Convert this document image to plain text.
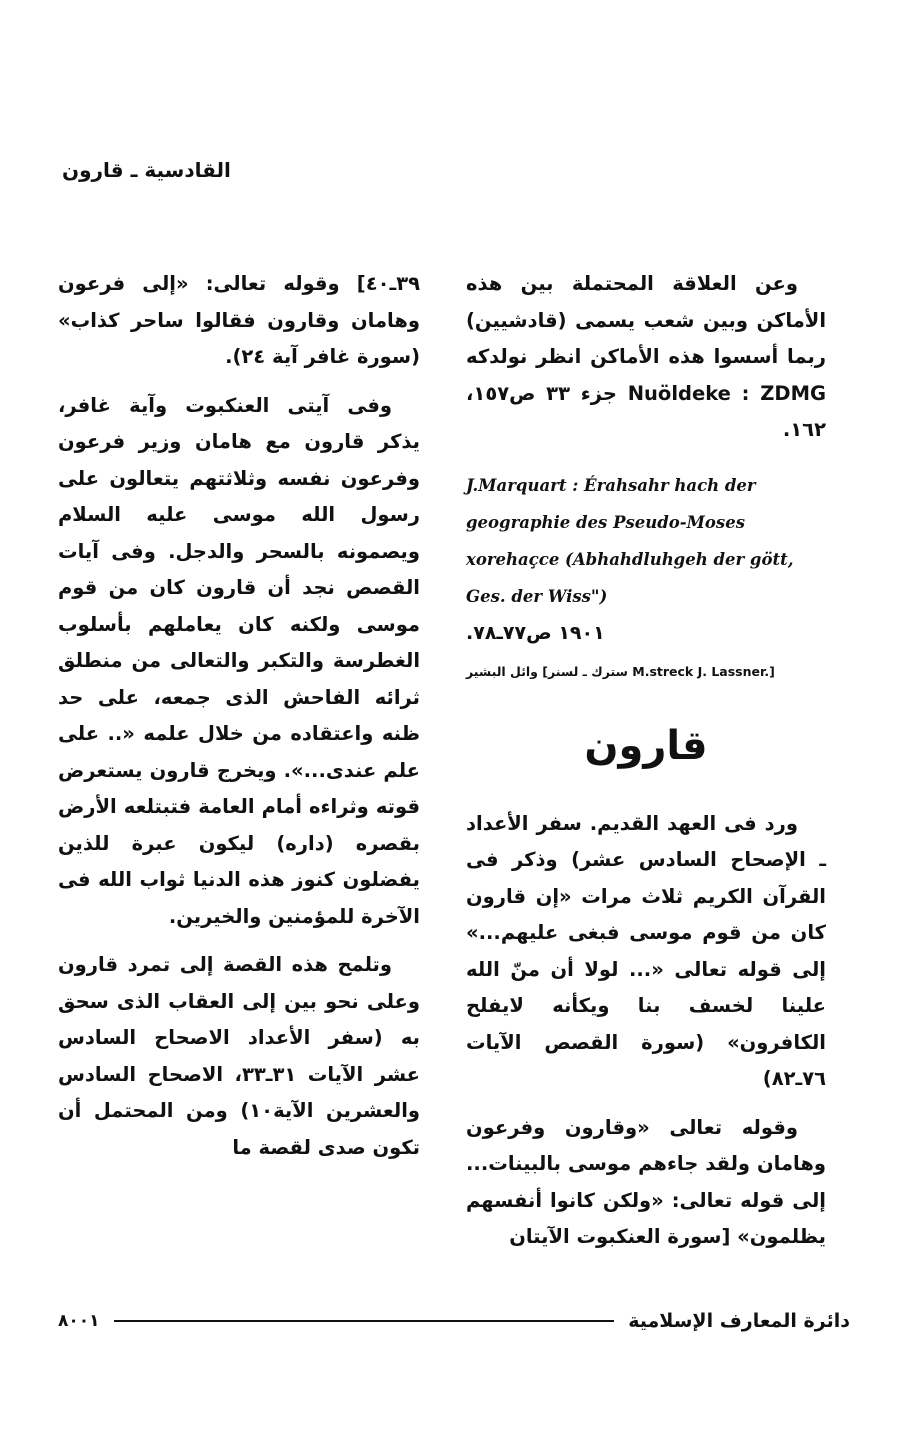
القادسية ـ قارون

وعن العلاقة المحتملة بين هذه الأماكن وبين شعب يسمى (قادشيين) ربما أسسوا هذه الأماكن انظر نولدكه Nuöldeke : ZDMG جزء ٣٣ ص١٥٧، ١٦٢.

J.Marquart : Érahsahr hach der geographie des Pseudo-Moses xorehaçce (Abhahdluhgeh der gött, Ges. der Wiss")
١٩٠١ ص٧٧ـ٧٨.
وائل البشير [سترك ـ لسنر M.streck J. Lassner.]
قارون

ورد فى العهد القديم. سفر الأعداد ـ الإصحاح السادس عشر) وذكر فى القرآن الكريم ثلاث مرات «إن قارون كان من قوم موسى فبغى عليهم...» إلى قوله تعالى «... لولا أن منّ الله علينا لخسف بنا ويكأنه لايفلح الكافرون» (سورة القصص الآيات ٧٦ـ٨٢)

وقوله تعالى «وقارون وفرعون وهامان ولقد جاءهم موسى بالبينات... إلى قوله تعالى: «ولكن كانوا أنفسهم يظلمون» [سورة العنكبوت الآيتان

٣٩ـ٤٠] وقوله تعالى: «إلى فرعون وهامان وقارون فقالوا ساحر كذاب» (سورة غافر آية ٢٤).

وفى آيتى العنكبوت وآية غافر، يذكر قارون مع هامان وزير فرعون وفرعون نفسه وثلاثتهم يتعالون على رسول الله موسى عليه السلام ويصمونه بالسحر والدجل. وفى آيات القصص نجد أن قارون كان من قوم موسى ولكنه كان يعاملهم بأسلوب الغطرسة والتكبر والتعالى من منطلق ثرائه الفاحش الذى جمعه، على حد ظنه واعتقاده من خلال علمه «.. على علم عندى...». ويخرج قارون يستعرض قوته وثراءه أمام العامة فتبتلعه الأرض بقصره (داره) ليكون عبرة للذين يفضلون كنوز هذه الدنيا ثواب الله فى الآخرة للمؤمنين والخيرين.

وتلمح هذه القصة إلى تمرد قارون وعلى نحو بين إلى العقاب الذى سحق به (سفر الأعداد الاصحاح السادس عشر الآيات ٣١ـ٣٣، الاصحاح السادس والعشرين الآية١٠) ومن المحتمل أن تكون صدى لقصة ما

٨٠٠١	دائرة المعارف الإسلامية
